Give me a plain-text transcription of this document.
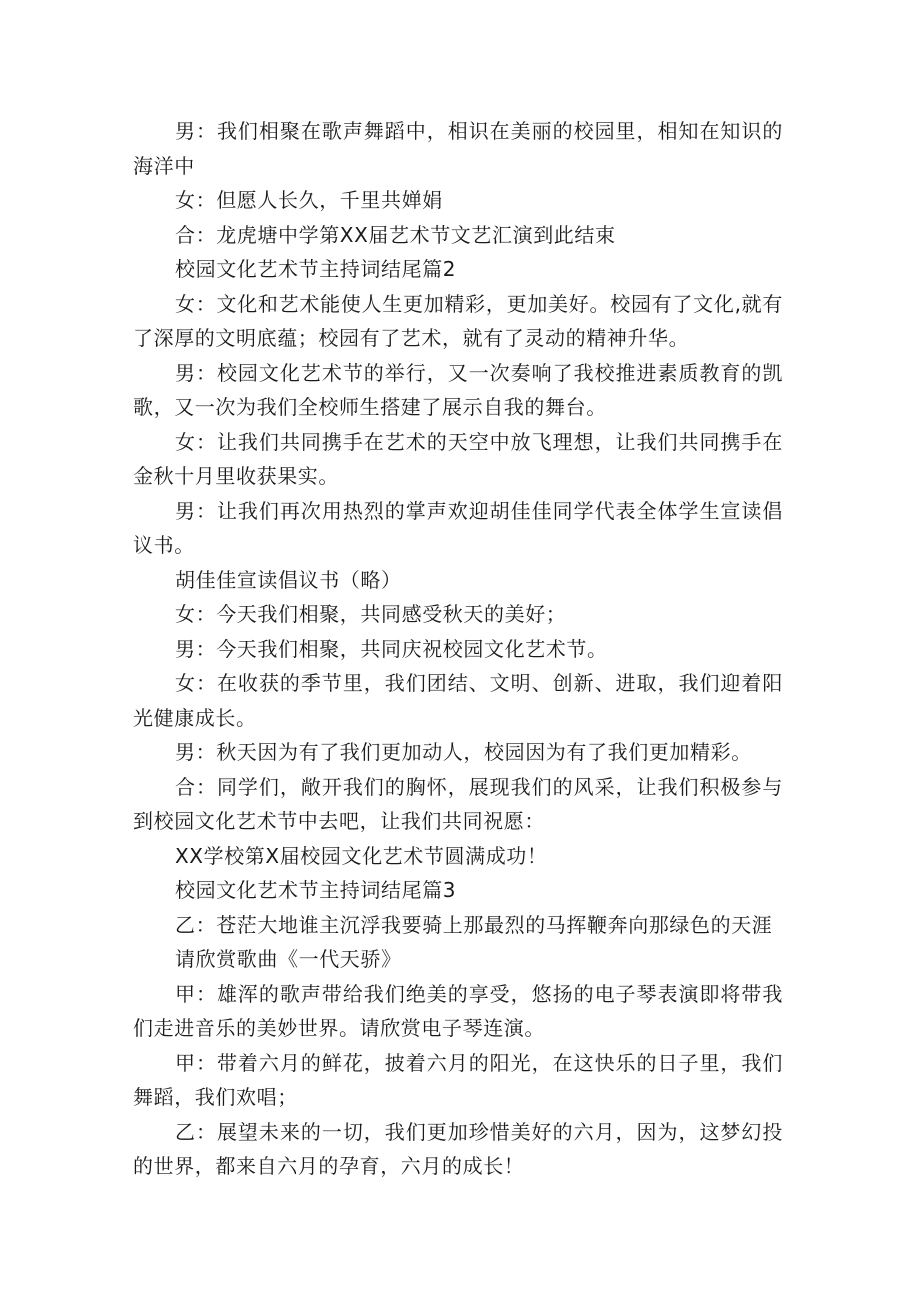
男：我们相聚在歌声舞蹈中，相识在美丽的校园里，相知在知识的海洋中

女：但愿人长久，千里共婵娟

合：龙虎塘中学第XX届艺术节文艺汇演到此结束

校园文化艺术节主持词结尾篇2

女：文化和艺术能使人生更加精彩，更加美好。校园有了文化,就有了深厚的文明底蕴；校园有了艺术，就有了灵动的精神升华。

男：校园文化艺术节的举行，又一次奏响了我校推进素质教育的凯歌，又一次为我们全校师生搭建了展示自我的舞台。

女：让我们共同携手在艺术的天空中放飞理想，让我们共同携手在金秋十月里收获果实。

男：让我们再次用热烈的掌声欢迎胡佳佳同学代表全体学生宣读倡议书。

胡佳佳宣读倡议书（略）

女：今天我们相聚，共同感受秋天的美好；

男：今天我们相聚，共同庆祝校园文化艺术节。

女：在收获的季节里，我们团结、文明、创新、进取，我们迎着阳光健康成长。

男：秋天因为有了我们更加动人，校园因为有了我们更加精彩。

合：同学们，敞开我们的胸怀，展现我们的风采，让我们积极参与到校园文化艺术节中去吧，让我们共同祝愿：

XX学校第X届校园文化艺术节圆满成功！

校园文化艺术节主持词结尾篇3

乙：苍茫大地谁主沉浮我要骑上那最烈的马挥鞭奔向那绿色的天涯

请欣赏歌曲《一代天骄》

甲：雄浑的歌声带给我们绝美的享受，悠扬的电子琴表演即将带我们走进音乐的美妙世界。请欣赏电子琴连演。

甲：带着六月的鲜花，披着六月的阳光，在这快乐的日子里，我们舞蹈，我们欢唱；

乙：展望未来的一切，我们更加珍惜美好的六月，因为，这梦幻投的世界，都来自六月的孕育，六月的成长！
